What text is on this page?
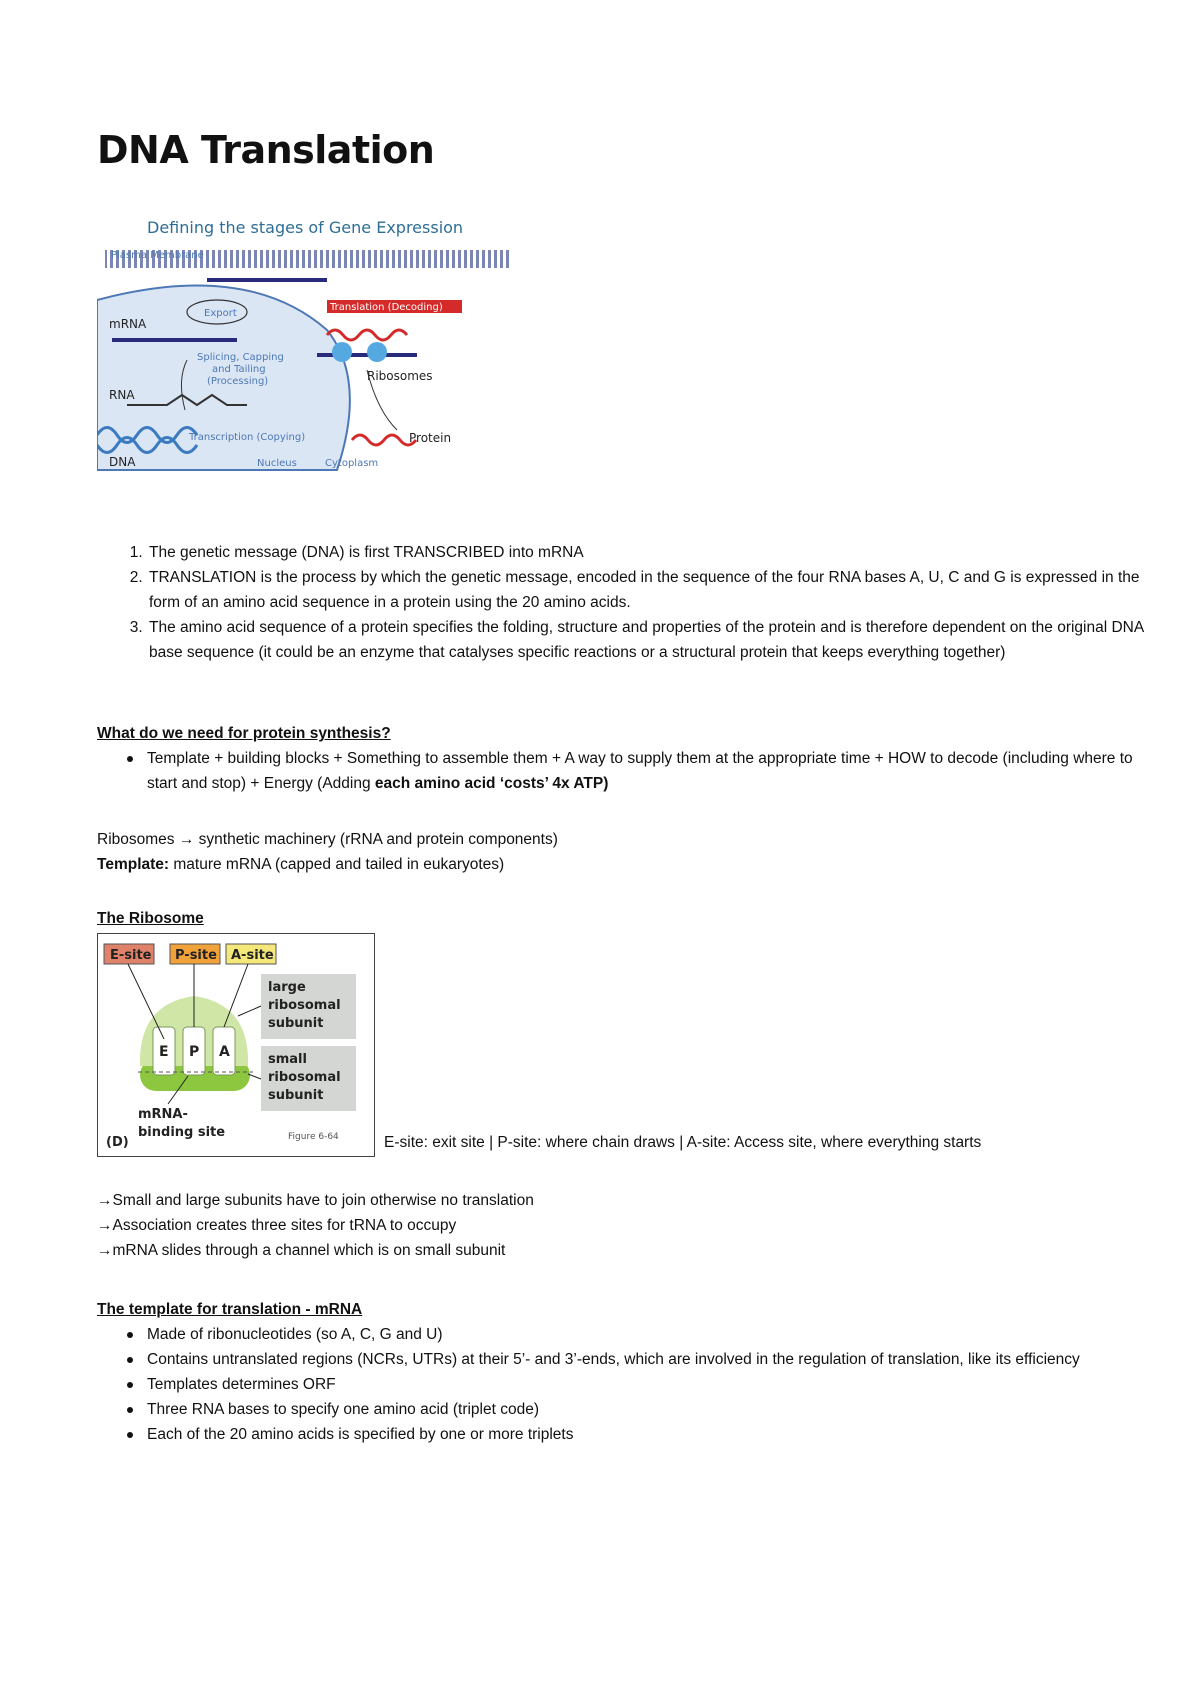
DNA Translation
Defining the stages of Gene Expression
Plasma Membrane
Export
mRNA
Splicing, Capping
and Tailing
(Processing)
RNA
Transcription (Copying)
DNA	Nucleus	Cytoplasm
Translation (Decoding)
Ribosomes
Protein
1. The genetic message (DNA) is first TRANSCRIBED into mRNA
2. TRANSLATION is the process by which the genetic message, encoded in the sequence of the four RNA bases A, U, C and G is expressed in the form of an amino acid sequence in a protein using the 20 amino acids.
3. The amino acid sequence of a protein specifies the folding, structure and properties of the protein and is therefore dependent on the original DNA base sequence (it could be an enzyme that catalyses specific reactions or a structural protein that keeps everything together)
What do we need for protein synthesis?
Template + building blocks + Something to assemble them + A way to supply them at the appropriate time + HOW to decode (including where to start and stop) + Energy (Adding each amino acid ‘costs’ 4x ATP)
Ribosomes → synthetic machinery (rRNA and protein components)
Template: mature mRNA (capped and tailed in eukaryotes)
The Ribosome
E-site P-site A-site
E P A
large
ribosomal
subunit
small
ribosomal
subunit
mRNA-
binding site
(D)	Figure 6-64	E-site: exit site | P-site: where chain draws | A-site: Access site, where everything starts
→Small and large subunits have to join otherwise no translation
→Association creates three sites for tRNA to occupy
→mRNA slides through a channel which is on small subunit
The template for translation - mRNA
Made of ribonucleotides (so A, C, G and U)
Contains untranslated regions (NCRs, UTRs) at their 5’- and 3’-ends, which are involved in the regulation of translation, like its efficiency
Templates determines ORF
Three RNA bases to specify one amino acid (triplet code)
Each of the 20 amino acids is specified by one or more triplets
